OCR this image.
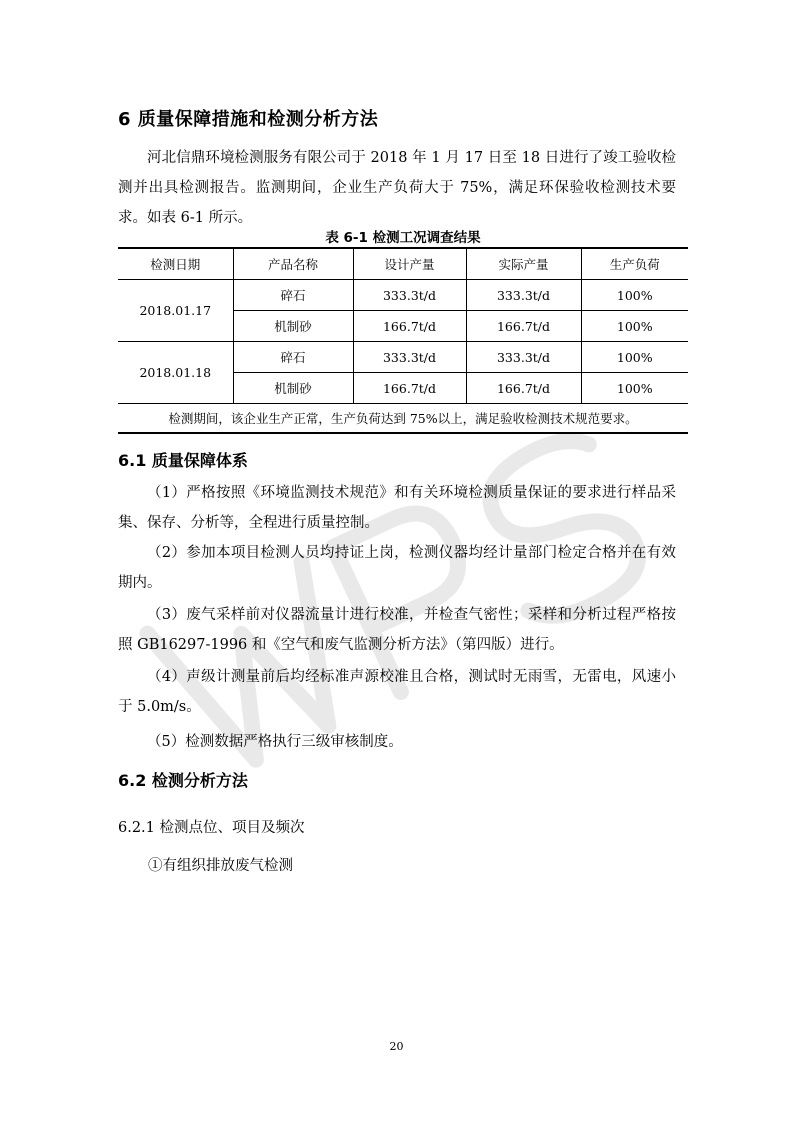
6 质量保障措施和检测分析方法
河北信鼎环境检测服务有限公司于 2018 年 1 月 17 日至 18 日进行了竣工验收检测并出具检测报告。监测期间，企业生产负荷大于 75%，满足环保验收检测技术要求。如表 6-1 所示。
表 6-1 检测工况调查结果
检测日期	产品名称	设计产量	实际产量	生产负荷
2018.01.17	碎石	333.3t/d	333.3t/d	100%
	机制砂	166.7t/d	166.7t/d	100%
2018.01.18	碎石	333.3t/d	333.3t/d	100%
	机制砂	166.7t/d	166.7t/d	100%
检测期间，该企业生产正常，生产负荷达到 75%以上，满足验收检测技术规范要求。				
6.1 质量保障体系
（1）严格按照《环境监测技术规范》和有关环境检测质量保证的要求进行样品采集、保存、分析等，全程进行质量控制。
（2）参加本项目检测人员均持证上岗，检测仪器均经计量部门检定合格并在有效期内。
（3）废气采样前对仪器流量计进行校准，并检查气密性；采样和分析过程严格按照 GB16297-1996 和《空气和废气监测分析方法》（第四版）进行。
（4）声级计测量前后均经标准声源校准且合格，测试时无雨雪，无雷电，风速小于 5.0m/s。
（5）检测数据严格执行三级审核制度。
6.2 检测分析方法
6.2.1 检测点位、项目及频次
①有组织排放废气检测
20
